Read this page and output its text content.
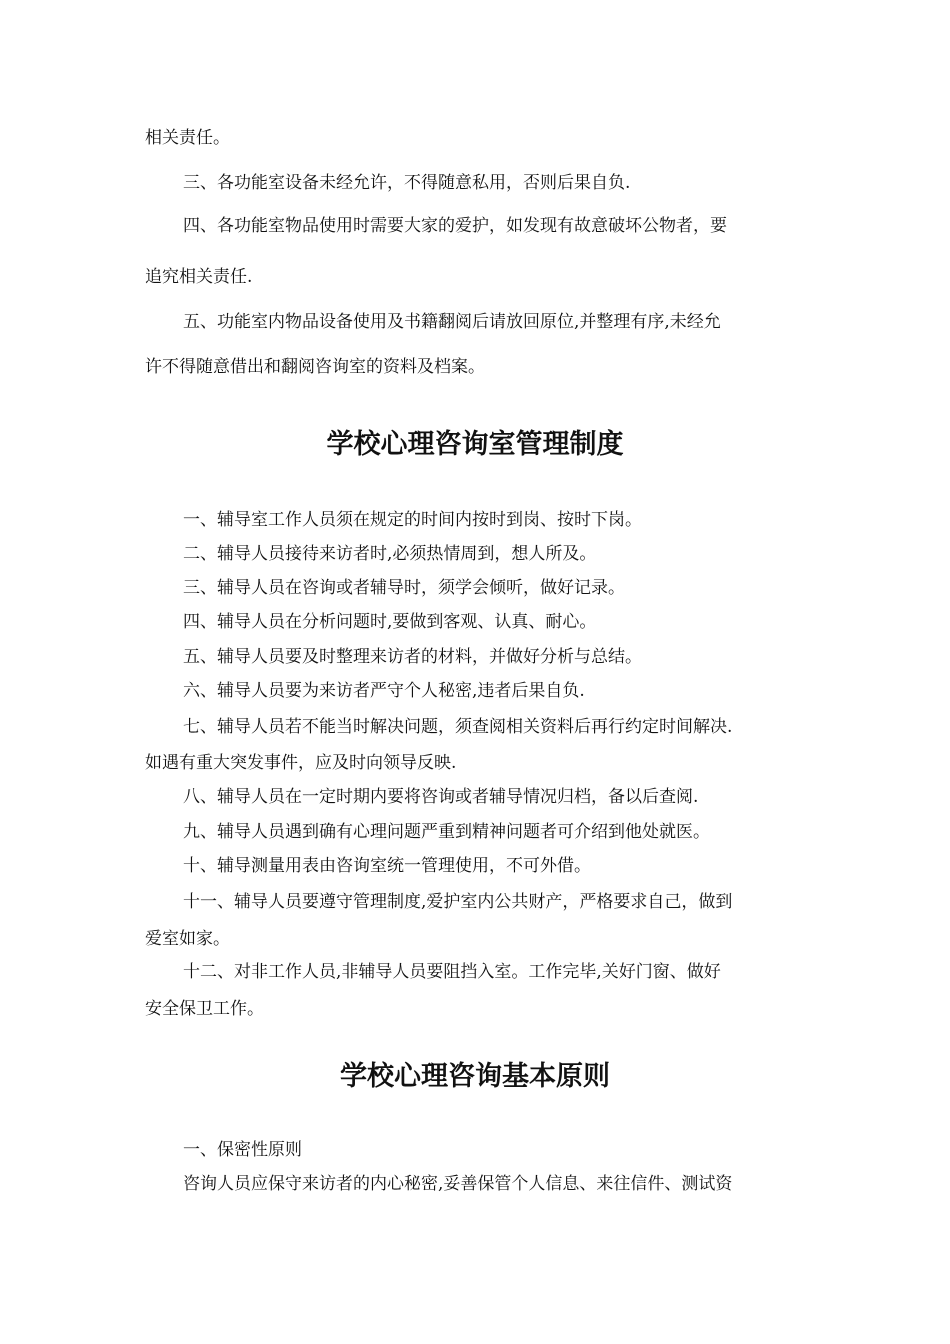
相关责任。
三、各功能室设备未经允许，不得随意私用，否则后果自负.
四、各功能室物品使用时需要大家的爱护，如发现有故意破坏公物者，要
追究相关责任.
五、功能室内物品设备使用及书籍翻阅后请放回原位,并整理有序,未经允
许不得随意借出和翻阅咨询室的资料及档案。
学校心理咨询室管理制度
一、辅导室工作人员须在规定的时间内按时到岗、按时下岗。
二、辅导人员接待来访者时,必须热情周到，想人所及。
三、辅导人员在咨询或者辅导时，须学会倾听，做好记录。
四、辅导人员在分析问题时,要做到客观、认真、耐心。
五、辅导人员要及时整理来访者的材料，并做好分析与总结。
六、辅导人员要为来访者严守个人秘密,违者后果自负.
七、辅导人员若不能当时解决问题，须查阅相关资料后再行约定时间解决.
如遇有重大突发事件，应及时向领导反映.
八、辅导人员在一定时期内要将咨询或者辅导情况归档，备以后查阅.
九、辅导人员遇到确有心理问题严重到精神问题者可介绍到他处就医。
十、辅导测量用表由咨询室统一管理使用，不可外借。
十一、辅导人员要遵守管理制度,爱护室内公共财产，严格要求自己，做到
爱室如家。
十二、对非工作人员,非辅导人员要阻挡入室。工作完毕,关好门窗、做好
安全保卫工作。
学校心理咨询基本原则
一、保密性原则
咨询人员应保守来访者的内心秘密,妥善保管个人信息、来往信件、测试资
